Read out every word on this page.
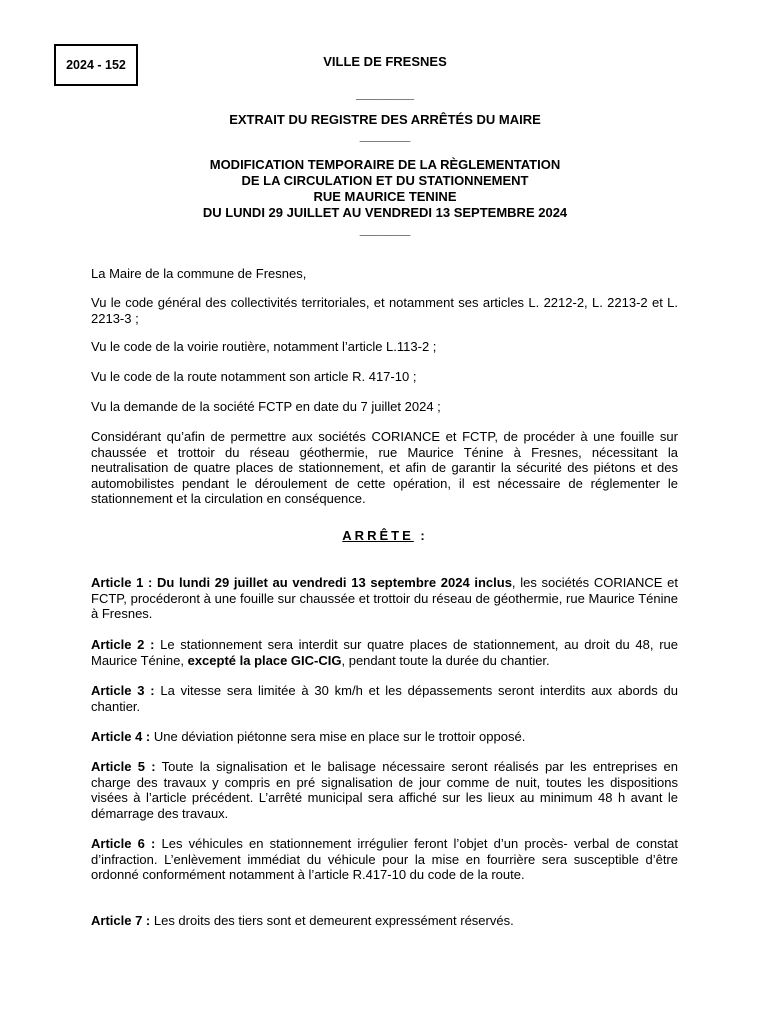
2024 - 152	VILLE DE FRESNES
________
EXTRAIT DU REGISTRE DES ARRÊTÉS DU MAIRE
_______
MODIFICATION TEMPORAIRE DE LA RÈGLEMENTATION
DE LA CIRCULATION ET DU STATIONNEMENT
RUE MAURICE TENINE
DU LUNDI 29 JUILLET AU VENDREDI 13 SEPTEMBRE 2024
_______

La Maire de la commune de Fresnes,

Vu le code général des collectivités territoriales, et notamment ses articles L. 2212-2, L. 2213-2 et L. 2213-3 ;

Vu le code de la voirie routière, notamment l’article L.113-2 ;

Vu le code de la route notamment son article R. 417-10 ;

Vu la demande de la société FCTP en date du 7 juillet 2024 ;

Considérant qu’afin de permettre aux sociétés CORIANCE et FCTP, de procéder à une fouille sur chaussée et trottoir du réseau géothermie, rue Maurice Ténine à Fresnes, nécessitant la neutralisation de quatre places de stationnement, et afin de garantir la sécurité des piétons et des automobilistes pendant le déroulement de cette opération, il est nécessaire de réglementer le stationnement et la circulation en conséquence.

ARRÊTE :

Article 1 : Du lundi 29 juillet au vendredi 13 septembre 2024 inclus, les sociétés CORIANCE et FCTP, procéderont à une fouille sur chaussée et trottoir du réseau de géothermie, rue Maurice Ténine à Fresnes.

Article 2 : Le stationnement sera interdit sur quatre places de stationnement, au droit du 48, rue Maurice Ténine, excepté la place GIC-CIG, pendant toute la durée du chantier.

Article 3 : La vitesse sera limitée à 30 km/h et les dépassements seront interdits aux abords du chantier.

Article 4 : Une déviation piétonne sera mise en place sur le trottoir opposé.

Article 5 : Toute la signalisation et le balisage nécessaire seront réalisés par les entreprises en charge des travaux y compris en pré signalisation de jour comme de nuit, toutes les dispositions visées à l’article précédent. L’arrêté municipal sera affiché sur les lieux au minimum 48 h avant le démarrage des travaux.

Article 6 : Les véhicules en stationnement irrégulier feront l’objet d’un procès- verbal de constat d’infraction. L’enlèvement immédiat du véhicule pour la mise en fourrière sera susceptible d’être ordonné conformément notamment à l’article R.417-10 du code de la route.

Article 7 : Les droits des tiers sont et demeurent expressément réservés.
